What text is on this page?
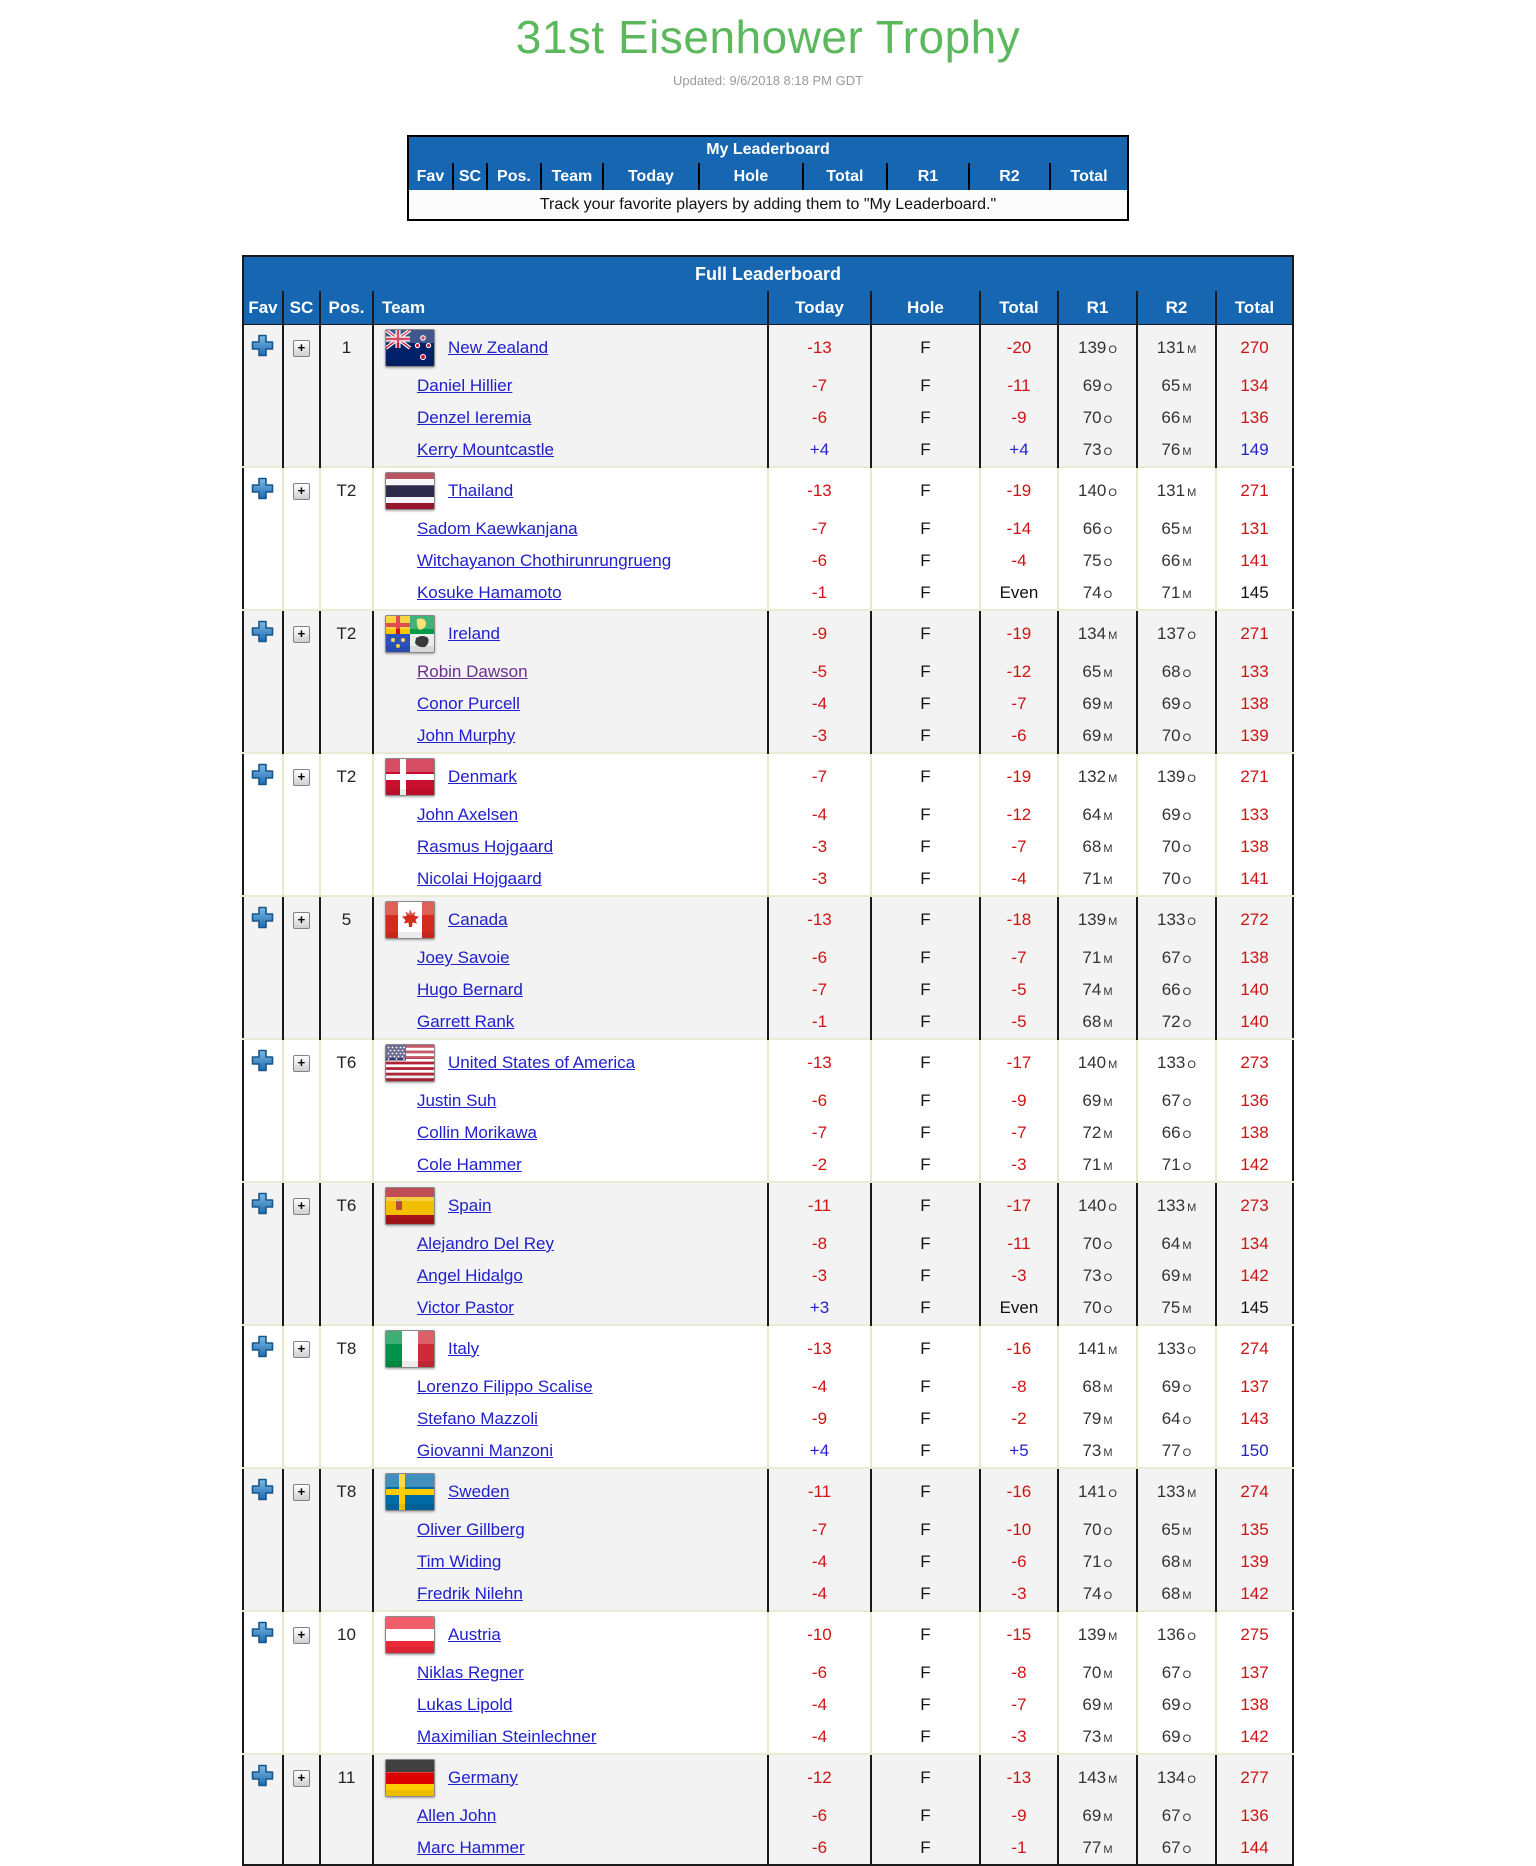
31st Eisenhower Trophy
Updated: 9/6/2018 8:18 PM GDT
My Leaderboard
Fav	SC	Pos.	Team	Today	Hole	Total	R1	R2	Total
Track your favorite players by adding them to "My Leaderboard."
Full Leaderboard									
Fav	SC	Pos.	Team	Today	Hole	Total	R1	R2	Total
	+	1	New Zealand	-13	F	-20	139 O	131 M	270
			Daniel Hillier	-7	F	-11	69 O	65 M	134
			Denzel Ieremia	-6	F	-9	70 O	66 M	136
			Kerry Mountcastle	+4	F	+4	73 O	76 M	149
	+	T2	Thailand	-13	F	-19	140 O	131 M	271
			Sadom Kaewkanjana	-7	F	-14	66 O	65 M	131
			Witchayanon Chothirunrungrueng	-6	F	-4	75 O	66 M	141
			Kosuke Hamamoto	-1	F	Even	74 O	71 M	145
	+	T2	Ireland	-9	F	-19	134 M	137 O	271
			Robin Dawson	-5	F	-12	65 M	68 O	133
			Conor Purcell	-4	F	-7	69 M	69 O	138
			John Murphy	-3	F	-6	69 M	70 O	139
	+	T2	Denmark	-7	F	-19	132 M	139 O	271
			John Axelsen	-4	F	-12	64 M	69 O	133
			Rasmus Hojgaard	-3	F	-7	68 M	70 O	138
			Nicolai Hojgaard	-3	F	-4	71 M	70 O	141
	+	5	Canada	-13	F	-18	139 M	133 O	272
			Joey Savoie	-6	F	-7	71 M	67 O	138
			Hugo Bernard	-7	F	-5	74 M	66 O	140
			Garrett Rank	-1	F	-5	68 M	72 O	140
	+	T6	United States of America	-13	F	-17	140 M	133 O	273
			Justin Suh	-6	F	-9	69 M	67 O	136
			Collin Morikawa	-7	F	-7	72 M	66 O	138
			Cole Hammer	-2	F	-3	71 M	71 O	142
	+	T6	Spain	-11	F	-17	140 O	133 M	273
			Alejandro Del Rey	-8	F	-11	70 O	64 M	134
			Angel Hidalgo	-3	F	-3	73 O	69 M	142
			Victor Pastor	+3	F	Even	70 O	75 M	145
	+	T8	Italy	-13	F	-16	141 M	133 O	274
			Lorenzo Filippo Scalise	-4	F	-8	68 M	69 O	137
			Stefano Mazzoli	-9	F	-2	79 M	64 O	143
			Giovanni Manzoni	+4	F	+5	73 M	77 O	150
	+	T8	Sweden	-11	F	-16	141 O	133 M	274
			Oliver Gillberg	-7	F	-10	70 O	65 M	135
			Tim Widing	-4	F	-6	71 O	68 M	139
			Fredrik Nilehn	-4	F	-3	74 O	68 M	142
	+	10	Austria	-10	F	-15	139 M	136 O	275
			Niklas Regner	-6	F	-8	70 M	67 O	137
			Lukas Lipold	-4	F	-7	69 M	69 O	138
			Maximilian Steinlechner	-4	F	-3	73 M	69 O	142
	+	11	Germany	-12	F	-13	143 M	134 O	277
			Allen John	-6	F	-9	69 M	67 O	136
			Marc Hammer	-6	F	-1	77 M	67 O	144
